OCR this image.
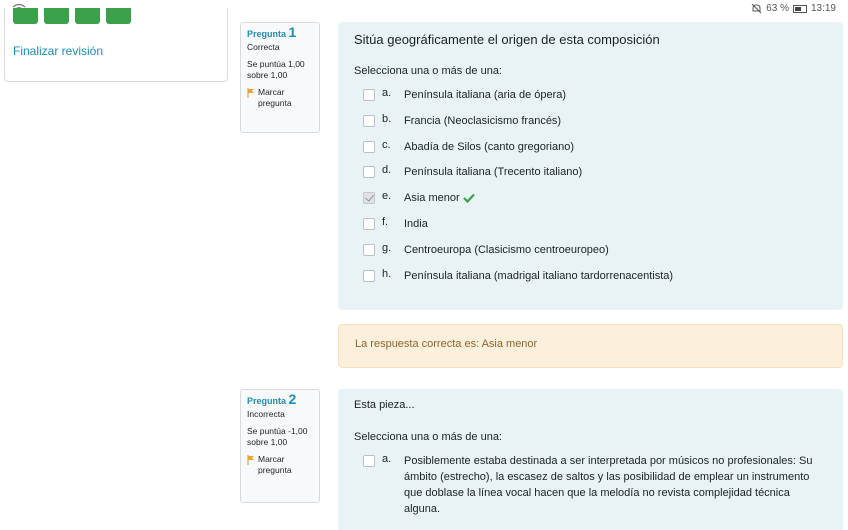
63 % 13:19
Finalizar revisión
Pregunta 1
Correcta
Se puntúa 1,00 sobre 1,00
Marcar pregunta
Sitúa geográficamente el origen de esta composición
Selecciona una o más de una:
a.	Península italiana (aria de ópera)
b.	Francia (Neoclasicismo francés)
c.	Abadía de Silos (canto gregoriano)
d.	Península italiana (Trecento italiano)
e.	Asia menor
f.	India
g.	Centroeuropa (Clasicismo centroeuropeo)
h.	Península italiana (madrigal italiano tardorrenacentista)
La respuesta correcta es: Asia menor
Pregunta 2
Incorrecta
Se puntúa -1,00 sobre 1,00
Marcar pregunta
Esta pieza...
Selecciona una o más de una:
a.	Posiblemente estaba destinada a ser interpretada por músicos no profesionales: Su ámbito (estrecho), la escasez de saltos y las posibilidad de emplear un instrumento que doblase la línea vocal hacen que la melodía no revista complejidad técnica alguna.
